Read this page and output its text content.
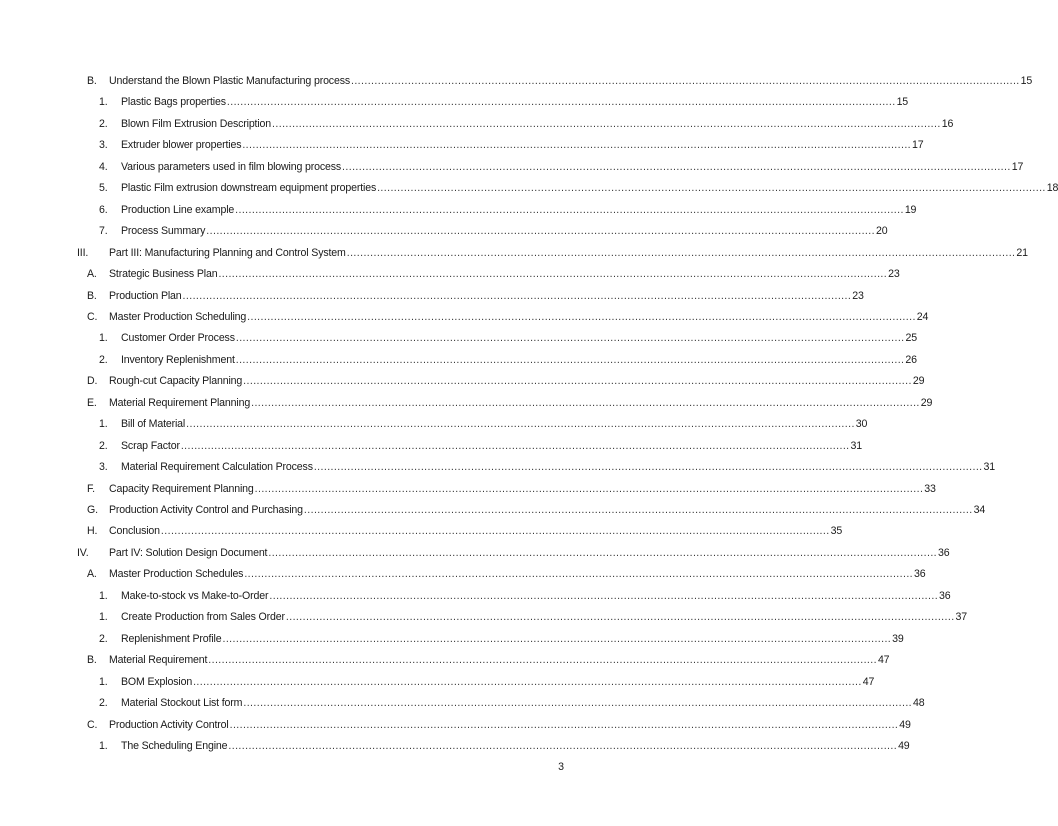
B. Understand the Blown Plastic Manufacturing process ........................................................................................................................................................................................................ 15
1. Plastic Bags properties ........................................................................................................................................................................................................ 15
2. Blown Film Extrusion Description ........................................................................................................................................................................................................ 16
3. Extruder blower properties ........................................................................................................................................................................................................ 17
4. Various parameters used in film blowing process ........................................................................................................................................................................................................ 17
5. Plastic Film extrusion downstream equipment properties ........................................................................................................................................................................................................ 18
6. Production Line example ........................................................................................................................................................................................................ 19
7. Process Summary ........................................................................................................................................................................................................ 20
III. Part III: Manufacturing Planning and Control System ........................................................................................................................................................................................................ 21
A. Strategic Business Plan ........................................................................................................................................................................................................ 23
B. Production Plan ........................................................................................................................................................................................................ 23
C. Master Production Scheduling ........................................................................................................................................................................................................ 24
1. Customer Order Process ........................................................................................................................................................................................................ 25
2. Inventory Replenishment ........................................................................................................................................................................................................ 26
D. Rough-cut Capacity Planning ........................................................................................................................................................................................................ 29
E. Material Requirement Planning ........................................................................................................................................................................................................ 29
1. Bill of Material ........................................................................................................................................................................................................ 30
2. Scrap Factor ........................................................................................................................................................................................................ 31
3. Material Requirement Calculation Process ........................................................................................................................................................................................................ 31
F. Capacity Requirement Planning ........................................................................................................................................................................................................ 33
G. Production Activity Control and Purchasing ........................................................................................................................................................................................................ 34
H. Conclusion ........................................................................................................................................................................................................ 35
IV. Part IV: Solution Design Document ........................................................................................................................................................................................................ 36
A. Master Production Schedules ........................................................................................................................................................................................................ 36
1. Make-to-stock vs Make-to-Order ........................................................................................................................................................................................................ 36
1. Create Production from Sales Order ........................................................................................................................................................................................................ 37
2. Replenishment Profile ........................................................................................................................................................................................................ 39
B. Material Requirement ........................................................................................................................................................................................................ 47
1. BOM Explosion ........................................................................................................................................................................................................ 47
2. Material Stockout List form ........................................................................................................................................................................................................ 48
C. Production Activity Control ........................................................................................................................................................................................................ 49
1. The Scheduling Engine ........................................................................................................................................................................................................ 49
3
